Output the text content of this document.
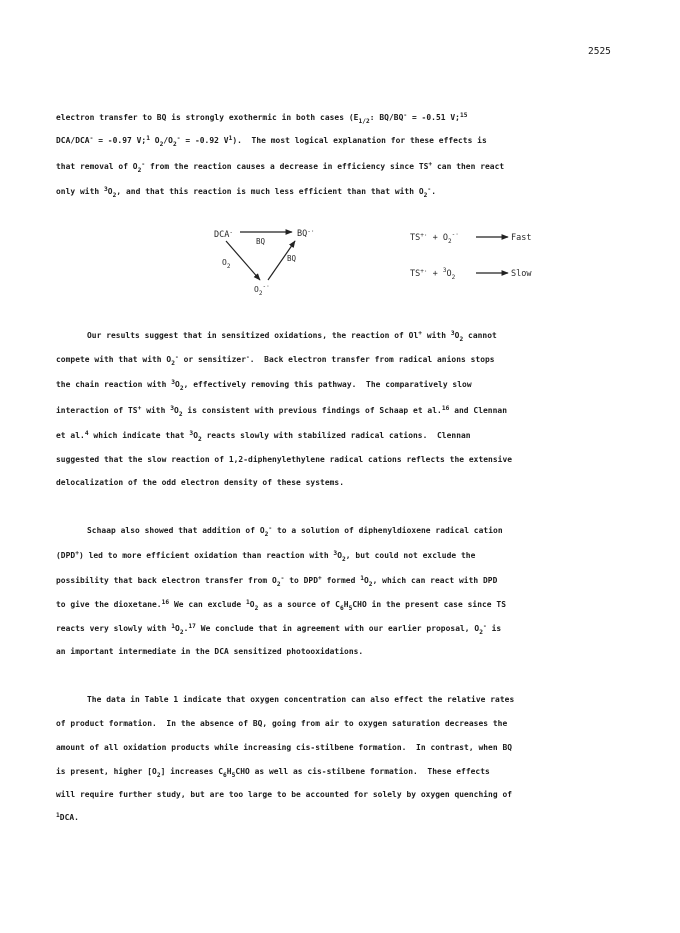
2525
electron transfer to BQ is strongly exothermic in both cases ($E_{1/2}$: BQ/BQ- = -0.51 V;$^{15}$
DCA/DCA- = -0.97 V;$^1$ $O_2/O_2^- = -0.92$ $V^1$).  The most logical explanation for these effects is
that removal of $O_2^-$ from the reaction causes a decrease in efficiency since TS+ can then react
only with $^3O_2$, and that this reaction is much less efficient than that with $O_2^-$.
DCA-	BQ-·
BQ
$O_2$
BQ
$O_2^{-\cdot}$
$TS^{+\cdot} + O_2^{-\cdot}$	Fast
$TS^{+\cdot} + ^3O_2$	Slow
Our results suggest that in sensitized oxidations, the reaction of Ol+ with $^3O_2$ cannot
compete with that with $O_2^-$ or sensitizer-.  Back electron transfer from radical anions stops
the chain reaction with $^3O_2$, effectively removing this pathway.  The comparatively slow
interaction of TS+ with $^3O_2$ is consistent with previous findings of Schaap et al.$^{16}$ and Clennan
et al.$^4$ which indicate that $^3O_2$ reacts slowly with stabilized radical cations.  Clennan
suggested that the slow reaction of 1,2-diphenylethylene radical cations reflects the extensive
delocalization of the odd electron density of these systems.
Schaap also showed that addition of $O_2^-$ to a solution of diphenyldioxene radical cation
(DPD+) led to more efficient oxidation than reaction with $^3O_2$, but could not exclude the
possibility that back electron transfer from $O_2^-$ to DPD+ formed $^1O_2$, which can react with DPD
to give the dioxetane.$^{16}$ We can exclude $^1O_2$ as a source of $C_6H_5CHO$ in the present case since TS
reacts very slowly with $^1O_2.^{17}$ We conclude that in agreement with our earlier proposal, $O_2^-$ is
an important intermediate in the DCA sensitized photooxidations.
The data in Table 1 indicate that oxygen concentration can also effect the relative rates
of product formation.  In the absence of BQ, going from air to oxygen saturation decreases the
amount of all oxidation products while increasing cis-stilbene formation.  In contrast, when BQ
is present, higher $[O_2]$ increases $C_6H_5CHO$ as well as cis-stilbene formation.  These effects
will require further study, but are too large to be accounted for solely by oxygen quenching of
$^1$DCA.
